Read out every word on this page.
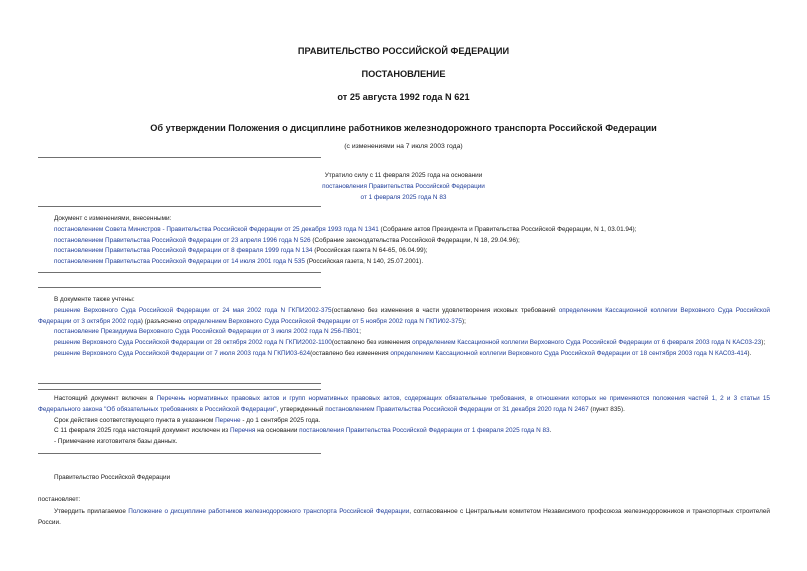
ПРАВИТЕЛЬСТВО РОССИЙСКОЙ ФЕДЕРАЦИИ
ПОСТАНОВЛЕНИЕ
от 25 августа 1992 года N 621
Об утверждении Положения о дисциплине работников железнодорожного транспорта Российской Федерации
(с изменениями на 7 июля 2003 года)
Утратило силу с 11 февраля 2025 года на основании
постановления Правительства Российской Федерации
от 1 февраля 2025 года N 83

Документ с изменениями, внесенными:

постановлением Совета Министров - Правительства Российской Федерации от 25 декабря 1993 года N 1341 (Собрание актов Президента и Правительства Российской Федерации, N 1, 03.01.94);

постановлением Правительства Российской Федерации от 23 апреля 1996 года N 526 (Собрание законодательства Российской Федерации, N 18, 29.04.96);

постановлением Правительства Российской Федерации от 8 февраля 1999 года N 134 (Российская газета N 64-65, 06.04.99);

постановлением Правительства Российской Федерации от 14 июля 2001 года N 535 (Российская газета, N 140, 25.07.2001).

В документе также учтены:

решение Верховного Суда Российской Федерации от 24 мая 2002 года N ГКПИ2002-375(оставлено без изменения в части удовлетворения исковых требований определением Кассационной коллегии Верховного Суда Российской Федерации от 3 октября 2002 года) (разъяснено определением Верховного Суда Российской Федерации от 5 ноября 2002 года N ГКПИ02-375);

постановление Президиума Верховного Суда Российской Федерации от 3 июля 2002 года N 256-ПВ01;

решение Верховного Суда Российской Федерации от 28 октября 2002 года N ГКПИ2002-1100(оставлено без изменения определением Кассационной коллегии Верховного Суда Российской Федерации от 6 февраля 2003 года N КАС03-23);

решение Верховного Суда Российской Федерации от 7 июля 2003 года N ГКПИ03-624(оставлено без изменения определением Кассационной коллегии Верховного Суда Российской Федерации от 18 сентября 2003 года N КАС03-414).

Настоящий документ включен в Перечень нормативных правовых актов и групп нормативных правовых актов, содержащих обязательные требования, в отношении которых не применяются положения частей 1, 2 и 3 статьи 15 Федерального закона "Об обязательных требованиях в Российской Федерации", утвержденный постановлением Правительства Российской Федерации от 31 декабря 2020 года N 2467 (пункт 835).

Срок действия соответствующего пункта в указанном Перечне - до 1 сентября 2025 года.

С 11 февраля 2025 года настоящий документ исключен из Перечня на основании постановления Правительства Российской Федерации от 1 февраля 2025 года N 83.

- Примечание изготовителя базы данных.

Правительство Российской Федерации

постановляет:

Утвердить прилагаемое Положение о дисциплине работников железнодорожного транспорта Российской Федерации, согласованное с Центральным комитетом Независимого профсоюза железнодорожников и транспортных строителей России.
